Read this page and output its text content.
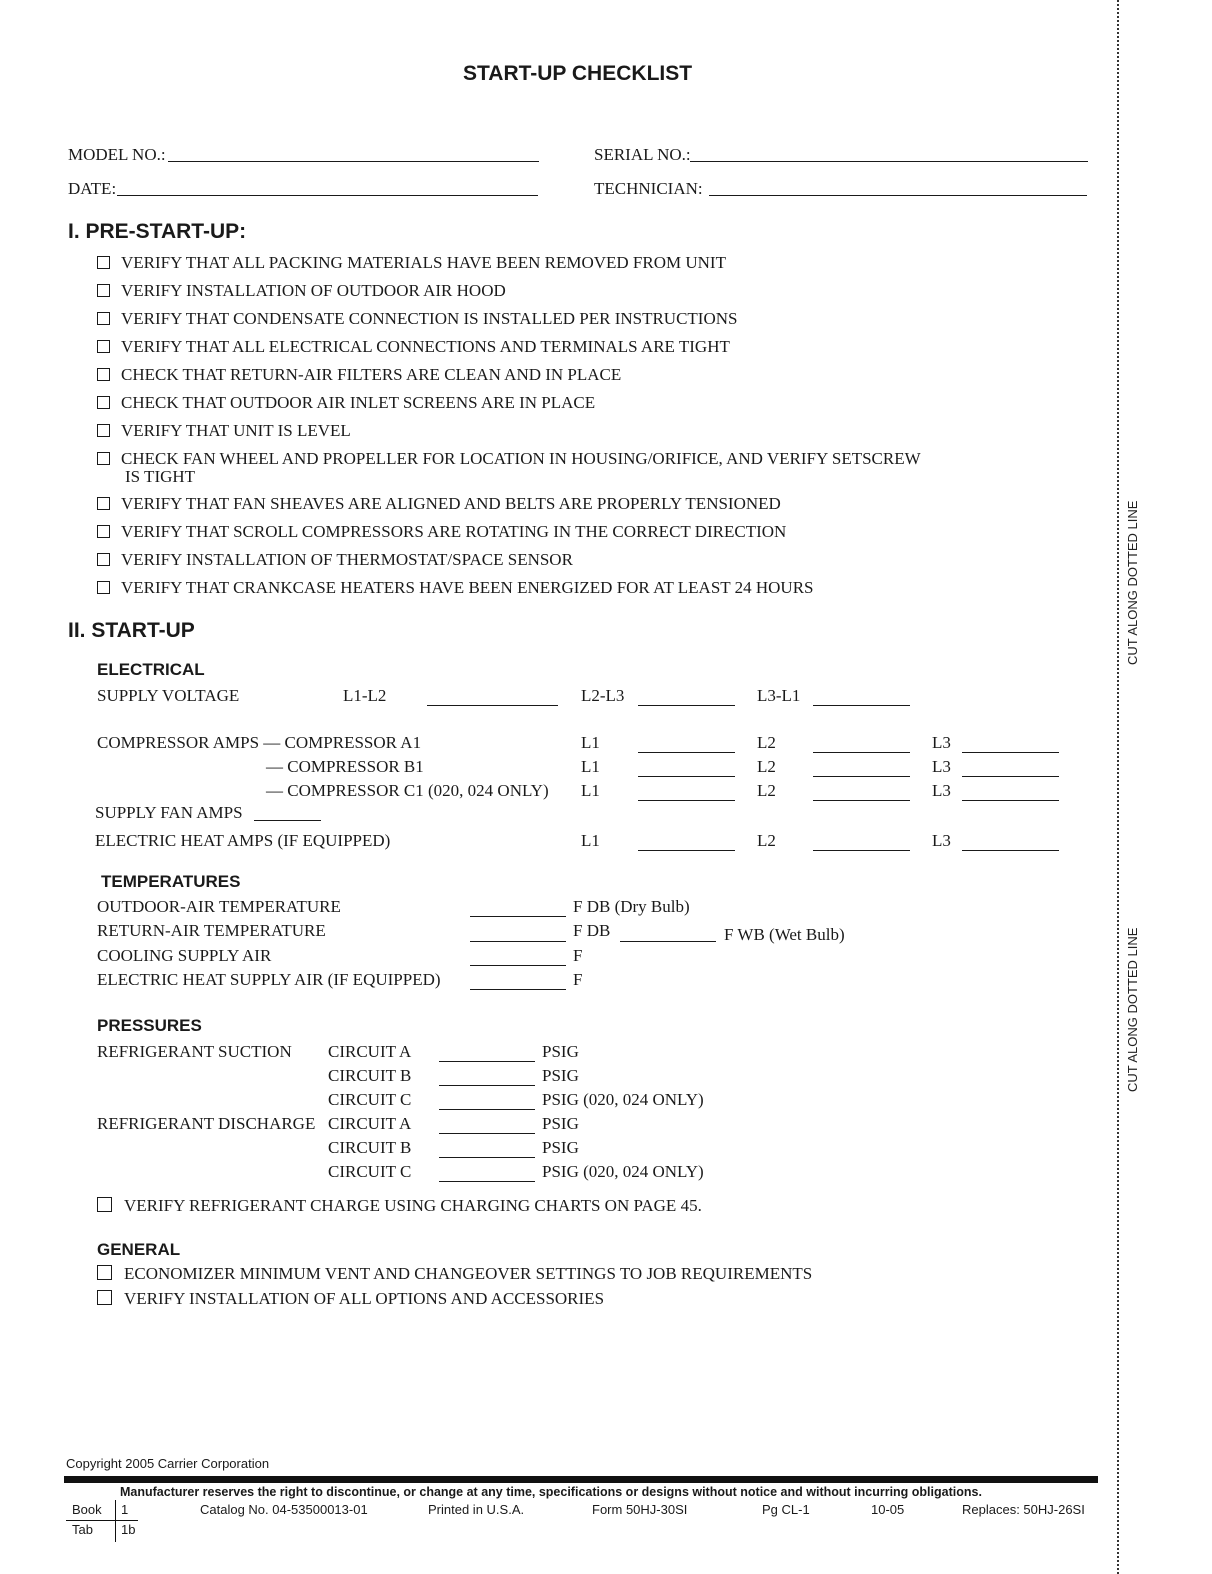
START-UP CHECKLIST
MODEL NO.:	SERIAL NO.:
DATE:	TECHNICIAN:
I. PRE-START-UP:
VERIFY THAT ALL PACKING MATERIALS HAVE BEEN REMOVED FROM UNIT
VERIFY INSTALLATION OF OUTDOOR AIR HOOD
VERIFY THAT CONDENSATE CONNECTION IS INSTALLED PER INSTRUCTIONS
VERIFY THAT ALL ELECTRICAL CONNECTIONS AND TERMINALS ARE TIGHT
CHECK THAT RETURN-AIR FILTERS ARE CLEAN AND IN PLACE
CHECK THAT OUTDOOR AIR INLET SCREENS ARE IN PLACE
VERIFY THAT UNIT IS LEVEL
CHECK FAN WHEEL AND PROPELLER FOR LOCATION IN HOUSING/ORIFICE, AND VERIFY SETSCREW
IS TIGHT
VERIFY THAT FAN SHEAVES ARE ALIGNED AND BELTS ARE PROPERLY TENSIONED
VERIFY THAT SCROLL COMPRESSORS ARE ROTATING IN THE CORRECT DIRECTION
VERIFY INSTALLATION OF THERMOSTAT/SPACE SENSOR
VERIFY THAT CRANKCASE HEATERS HAVE BEEN ENERGIZED FOR AT LEAST 24 HOURS
II. START-UP
ELECTRICAL
SUPPLY VOLTAGE	L1-L2	L2-L3	L3-L1
COMPRESSOR AMPS — COMPRESSOR A1	L1	L2	L3
— COMPRESSOR B1	L1	L2	L3
— COMPRESSOR C1 (020, 024 ONLY) L1	L2	L3
SUPPLY FAN AMPS
ELECTRIC HEAT AMPS (IF EQUIPPED)	L1	L2	L3
TEMPERATURES
OUTDOOR-AIR TEMPERATURE	F DB (Dry Bulb)
RETURN-AIR TEMPERATURE	F DB	F WB (Wet Bulb)
COOLING SUPPLY AIR	F
ELECTRIC HEAT SUPPLY AIR (IF EQUIPPED)	F
PRESSURES
REFRIGERANT SUCTION CIRCUIT A	PSIG
CIRCUIT B	PSIG
CIRCUIT C	PSIG (020, 024 ONLY)
REFRIGERANT DISCHARGE CIRCUIT A	PSIG
CIRCUIT B	PSIG
CIRCUIT C	PSIG (020, 024 ONLY)
VERIFY REFRIGERANT CHARGE USING CHARGING CHARTS ON PAGE 45.
GENERAL
ECONOMIZER MINIMUM VENT AND CHANGEOVER SETTINGS TO JOB REQUIREMENTS
VERIFY INSTALLATION OF ALL OPTIONS AND ACCESSORIES
CUT ALONG DOTTED LINE
CUT ALONG DOTTED LINE
Copyright 2005 Carrier Corporation
Manufacturer reserves the right to discontinue, or change at any time, specifications or designs without notice and without incurring obligations.
Book 1
Tab 1b
Catalog No. 04-53500013-01	Printed in U.S.A.	Form 50HJ-30SI	Pg CL-1	10-05	Replaces: 50HJ-26SI
